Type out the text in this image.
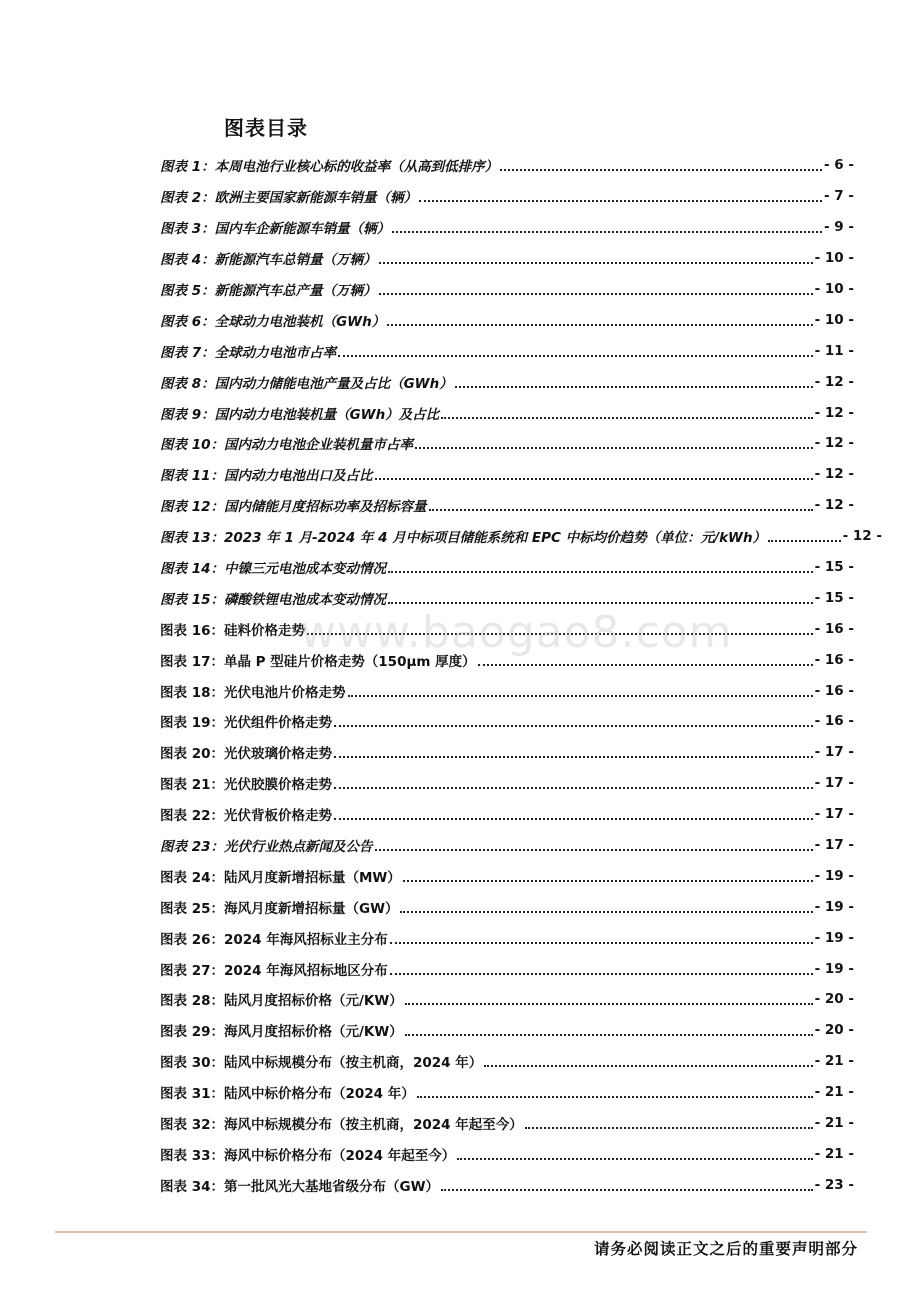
图表目录
图表 1：本周电池行业核心标的收益率（从高到低排序）	- 6 -
图表 2：欧洲主要国家新能源车销量（辆）	- 7 -
图表 3：国内车企新能源车销量（辆）	- 9 -
图表 4：新能源汽车总销量（万辆）	- 10 -
图表 5：新能源汽车总产量（万辆）	- 10 -
图表 6：全球动力电池装机（GWh）	- 10 -
图表 7：全球动力电池市占率	- 11 -
图表 8：国内动力储能电池产量及占比（GWh）	- 12 -
图表 9：国内动力电池装机量（GWh）及占比	- 12 -
图表 10：国内动力电池企业装机量市占率	- 12 -
图表 11：国内动力电池出口及占比	- 12 -
图表 12：国内储能月度招标功率及招标容量	- 12 -
图表 13：2023 年 1 月-2024 年 4 月中标项目储能系统和 EPC 中标均价趋势（单位：元/kWh）	- 12 -
图表 14：中镍三元电池成本变动情况	- 15 -
图表 15：磷酸铁锂电池成本变动情况	- 15 -
图表 16：硅料价格走势	- 16 -
图表 17：单晶 P 型硅片价格走势（150μm 厚度）	- 16 -
图表 18：光伏电池片价格走势	- 16 -
图表 19：光伏组件价格走势	- 16 -
图表 20：光伏玻璃价格走势	- 17 -
图表 21：光伏胶膜价格走势	- 17 -
图表 22：光伏背板价格走势	- 17 -
图表 23：光伏行业热点新闻及公告	- 17 -
图表 24：陆风月度新增招标量（MW）	- 19 -
图表 25：海风月度新增招标量（GW）	- 19 -
图表 26：2024 年海风招标业主分布	- 19 -
图表 27：2024 年海风招标地区分布	- 19 -
图表 28：陆风月度招标价格（元/KW）	- 20 -
图表 29：海风月度招标价格（元/KW）	- 20 -
图表 30：陆风中标规模分布（按主机商，2024 年）	- 21 -
图表 31：陆风中标价格分布（2024 年）	- 21 -
图表 32：海风中标规模分布（按主机商，2024 年起至今）	- 21 -
图表 33：海风中标价格分布（2024 年起至今）	- 21 -
图表 34：第一批风光大基地省级分布（GW）	- 23 -
www.baogao8.com
请务必阅读正文之后的重要声明部分
